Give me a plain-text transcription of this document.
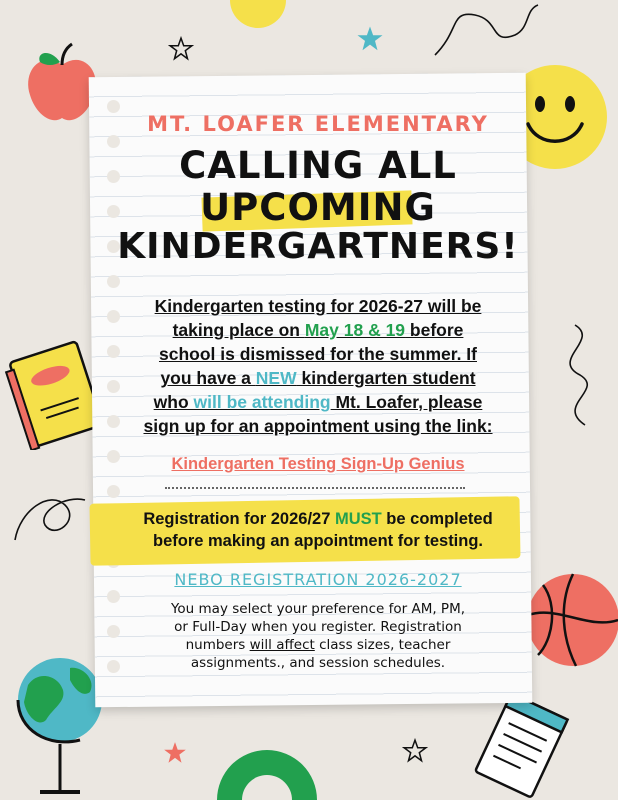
MT. LOAFER ELEMENTARY
CALLING ALL
UPCOMING
KINDERGARTNERS!
Kindergarten testing for 2026-27 will be
taking place on May 18 & 19 before
school is dismissed for the summer. If
you have a NEW kindergarten student
who will be attending Mt. Loafer, please
sign up for an appointment using the link:
Kindergarten Testing Sign-Up Genius
Registration for 2026/27 MUST be completed
before making an appointment for testing.
NEBO REGISTRATION 2026-2027
You may select your preference for AM, PM,
or Full-Day when you register. Registration
numbers will affect class sizes, teacher
assignments., and session schedules.
